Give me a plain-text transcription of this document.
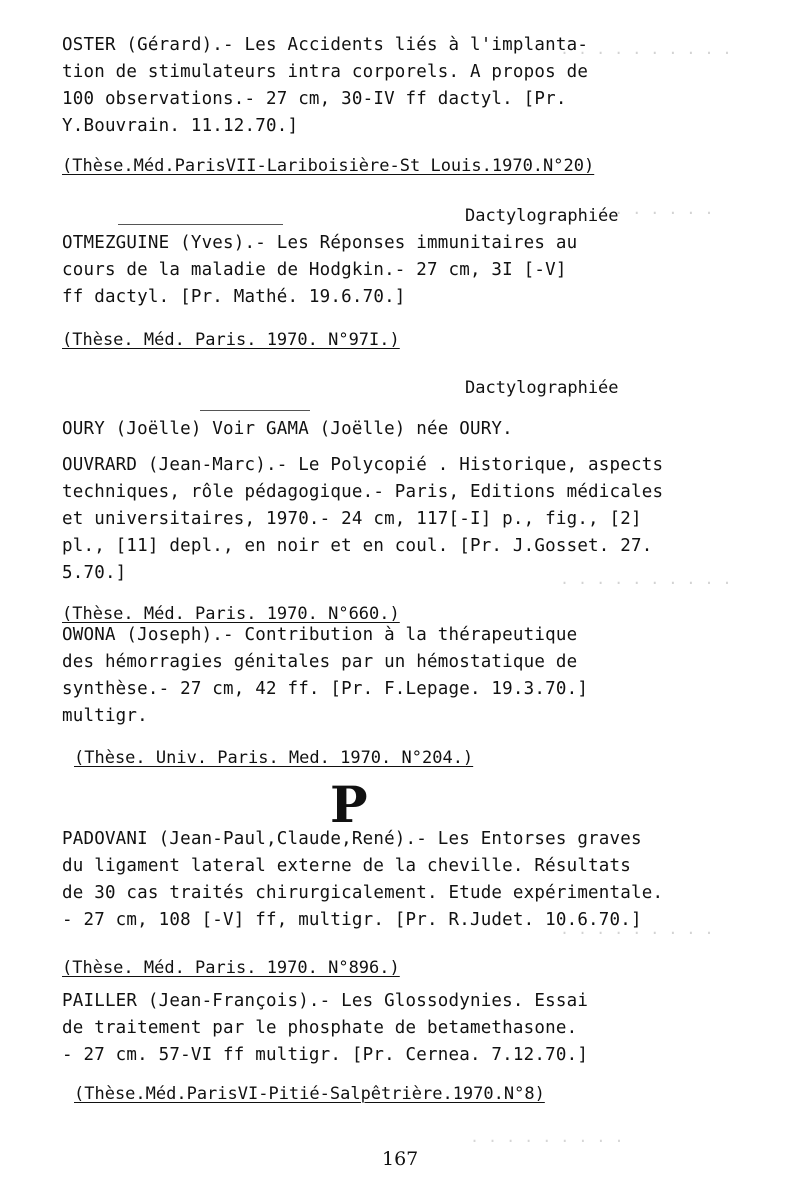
. . . . . . . . . .
. . . . . . . . .
. . . . . . . . . .
. . . . . . . . .
. . . . . . . . .
OSTER (Gérard).- Les Accidents liés à l'implanta-
tion de stimulateurs intra corporels. A propos de
100 observations.- 27 cm, 30-IV ff dactyl. [Pr.
Y.Bouvrain. 11.12.70.]
(Thèse.Méd.ParisVII-Lariboisière-St Louis.1970.N°20)
Dactylographiée
OTMEZGUINE (Yves).- Les Réponses immunitaires au
cours de la maladie de Hodgkin.- 27 cm, 3I [-V]
ff dactyl. [Pr. Mathé. 19.6.70.]
(Thèse. Méd. Paris. 1970. N°97I.)
Dactylographiée
OURY (Joëlle) Voir GAMA (Joëlle) née OURY.
OUVRARD (Jean-Marc).- Le Polycopié . Historique, aspects
techniques, rôle pédagogique.- Paris, Editions médicales
et universitaires, 1970.- 24 cm, 117[-I] p., fig., [2]
pl., [11] depl., en noir et en coul. [Pr. J.Gosset. 27.
5.70.]
(Thèse. Méd. Paris. 1970. N°660.)
OWONA (Joseph).- Contribution à la thérapeutique
des hémorragies génitales par un hémostatique de
synthèse.- 27 cm, 42 ff. [Pr. F.Lepage. 19.3.70.]
multigr.
(Thèse. Univ. Paris. Med. 1970. N°204.)
P
PADOVANI (Jean-Paul,Claude,René).- Les Entorses graves
du ligament lateral externe de la cheville. Résultats
de 30 cas traités chirurgicalement. Etude expérimentale.
- 27 cm, 108 [-V] ff, multigr. [Pr. R.Judet. 10.6.70.]
(Thèse. Méd. Paris. 1970. N°896.)
PAILLER (Jean-François).- Les Glossodynies. Essai
de traitement par le phosphate de betamethasone.
- 27 cm. 57-VI ff multigr. [Pr. Cernea. 7.12.70.]
(Thèse.Méd.ParisVI-Pitié-Salpêtrière.1970.N°8)
167
